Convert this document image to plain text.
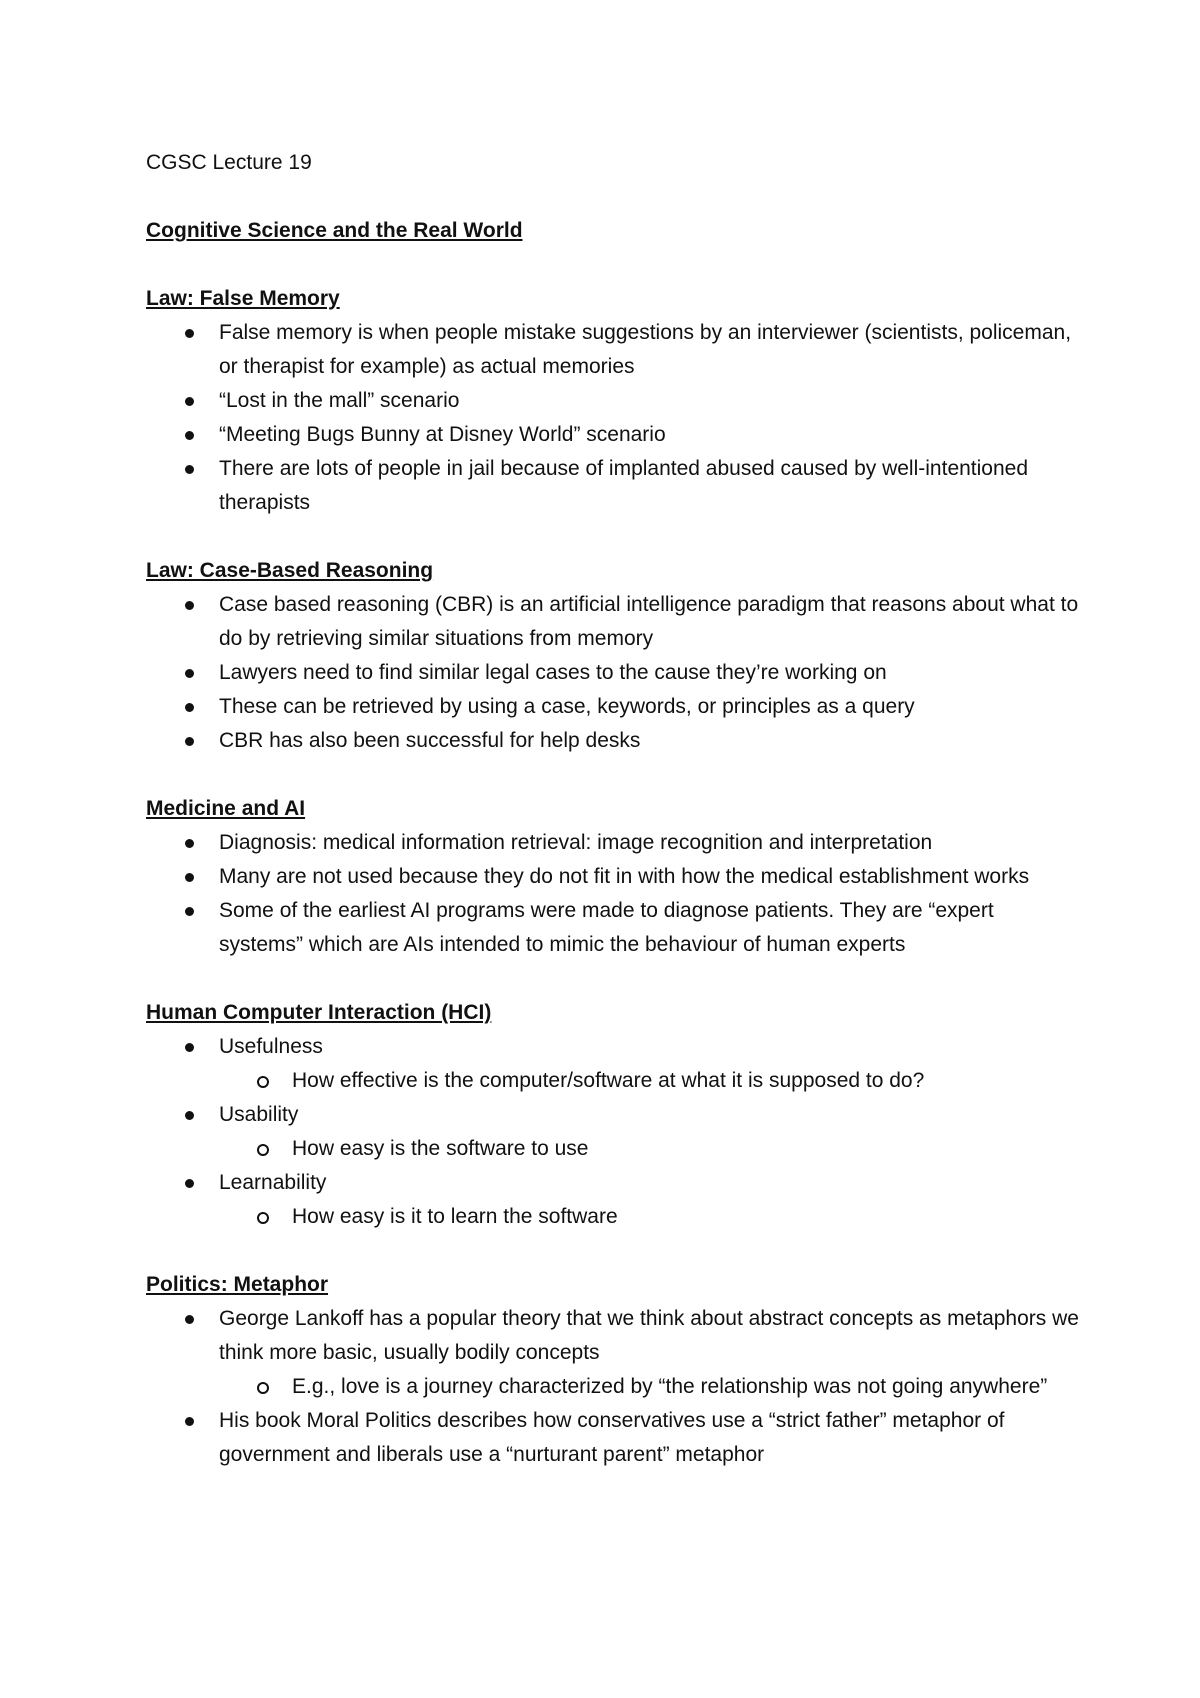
CGSC Lecture 19

Cognitive Science and the Real World

Law: False Memory

False memory is when people mistake suggestions by an interviewer (scientists, policeman, or therapist for example) as actual memories
“Lost in the mall” scenario
“Meeting Bugs Bunny at Disney World” scenario
There are lots of people in jail because of implanted abused caused by well-intentioned therapists

Law: Case-Based Reasoning

Case based reasoning (CBR) is an artificial intelligence paradigm that reasons about what to do by retrieving similar situations from memory
Lawyers need to find similar legal cases to the cause they’re working on
These can be retrieved by using a case, keywords, or principles as a query
CBR has also been successful for help desks

Medicine and AI

Diagnosis: medical information retrieval: image recognition and interpretation
Many are not used because they do not fit in with how the medical establishment works
Some of the earliest AI programs were made to diagnose patients. They are “expert systems” which are AIs intended to mimic the behaviour of human experts

Human Computer Interaction (HCI)

Usefulness
How effective is the computer/software at what it is supposed to do?
Usability
How easy is the software to use
Learnability
How easy is it to learn the software

Politics: Metaphor

George Lankoff has a popular theory that we think about abstract concepts as metaphors we think more basic, usually bodily concepts
E.g., love is a journey characterized by “the relationship was not going anywhere”
His book Moral Politics describes how conservatives use a “strict father” metaphor of government and liberals use a “nurturant parent” metaphor
